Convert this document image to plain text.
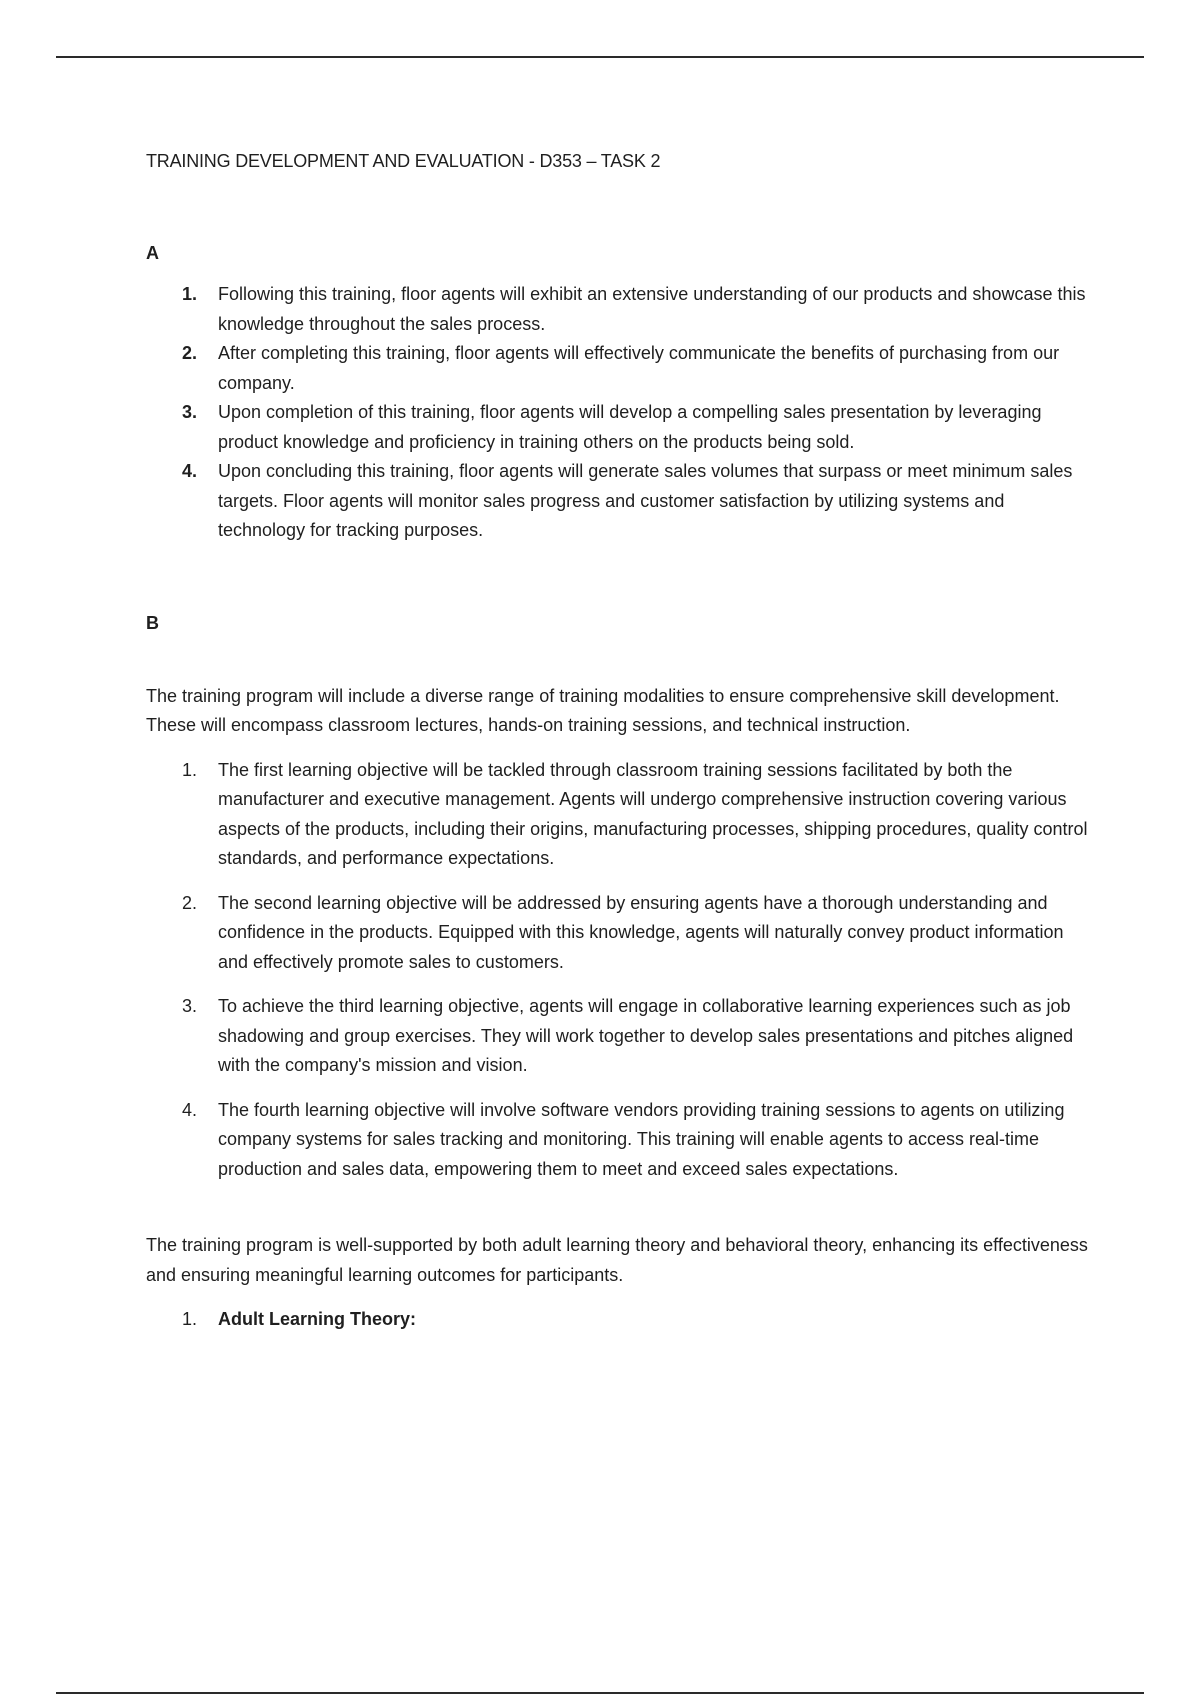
TRAINING DEVELOPMENT AND EVALUATION - D353 – TASK 2
A
1.	Following this training, floor agents will exhibit an extensive understanding of our products and showcase this knowledge throughout the sales process.
2.	After completing this training, floor agents will effectively communicate the benefits of purchasing from our company.
3.	Upon completion of this training, floor agents will develop a compelling sales presentation by leveraging product knowledge and proficiency in training others on the products being sold.
4.	Upon concluding this training, floor agents will generate sales volumes that surpass or meet minimum sales targets. Floor agents will monitor sales progress and customer satisfaction by utilizing systems and technology for tracking purposes.
B

The training program will include a diverse range of training modalities to ensure comprehensive skill development. These will encompass classroom lectures, hands-on training sessions, and technical instruction.

1.	The first learning objective will be tackled through classroom training sessions facilitated by both the manufacturer and executive management. Agents will undergo comprehensive instruction covering various aspects of the products, including their origins, manufacturing processes, shipping procedures, quality control standards, and performance expectations.
2.	The second learning objective will be addressed by ensuring agents have a thorough understanding and confidence in the products. Equipped with this knowledge, agents will naturally convey product information and effectively promote sales to customers.
3.	To achieve the third learning objective, agents will engage in collaborative learning experiences such as job shadowing and group exercises. They will work together to develop sales presentations and pitches aligned with the company's mission and vision.
4.	The fourth learning objective will involve software vendors providing training sessions to agents on utilizing company systems for sales tracking and monitoring. This training will enable agents to access real-time production and sales data, empowering them to meet and exceed sales expectations.

The training program is well-supported by both adult learning theory and behavioral theory, enhancing its effectiveness and ensuring meaningful learning outcomes for participants.

1.	Adult Learning Theory:
